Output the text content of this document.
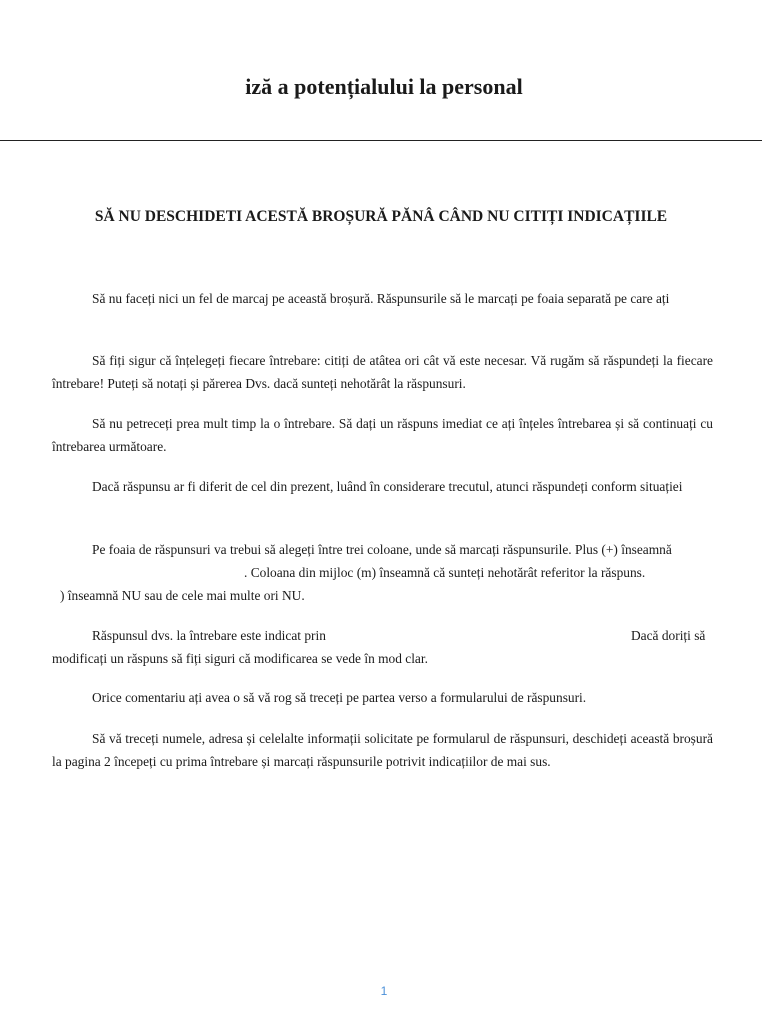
iză a potențialului la personal
SĂ NU DESCHIDETI ACESTĂ BROȘURĂ PĂNÂ CÂND NU CITIȚI INDICAȚIILE

Să nu faceți nici un fel de marcaj pe această broșură. Răspunsurile să le marcați pe foaia separată pe care ați

Să fiți sigur că înțelegeți fiecare întrebare: citiți de atâtea ori cât vă este necesar. Vă rugăm să răspundeți la fiecare întrebare! Puteți să notați și părerea Dvs. dacă sunteți nehotărât la răspunsuri.

Să nu petreceți prea mult timp la o întrebare. Să dați un răspuns imediat ce ați înțeles întrebarea și să continuați cu întrebarea următoare.

Dacă răspunsu ar fi diferit de cel din prezent, luând în considerare trecutul, atunci răspundeți conform situației

Pe foaia de răspunsuri va trebui să alegeți între trei coloane, unde să marcați răspunsurile. Plus (+) înseamnă

. Coloana din mijloc (m) înseamnă că sunteți nehotărât referitor la răspuns.

) înseamnă NU sau de cele mai multe ori NU.

Răspunsul dvs. la întrebare este indicat prin	Dacă doriți să

modificați un răspuns să fiți siguri că modificarea se vede în mod clar.

Orice comentariu ați avea o să vă rog să treceți pe partea verso a formularului de răspunsuri.

Să vă treceți numele, adresa și celelalte informații solicitate pe formularul de răspunsuri, deschideți această broșură la pagina 2 începeți cu prima întrebare și marcați răspunsurile potrivit indicațiilor de mai sus.

1
